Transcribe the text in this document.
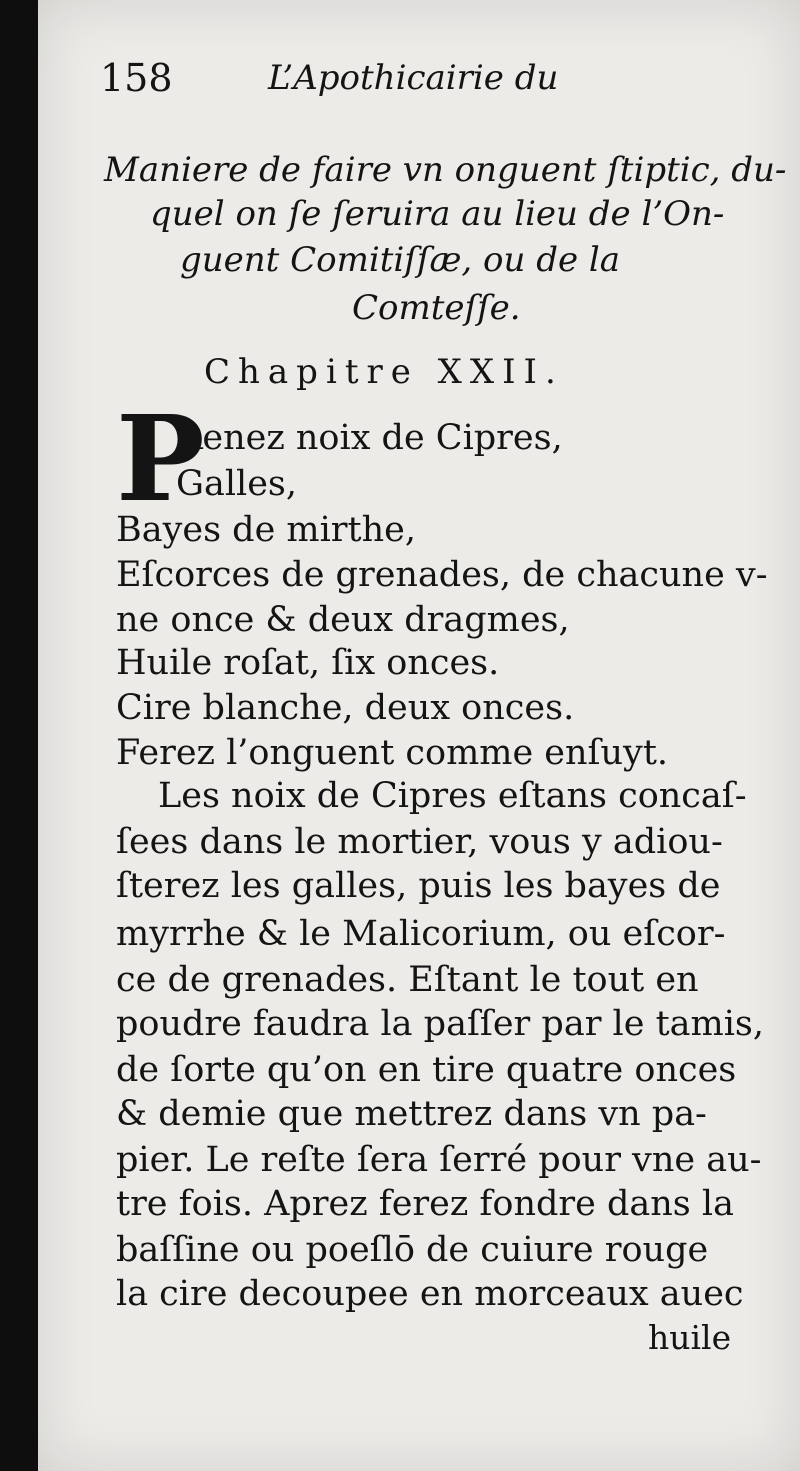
158	L’Apothicairie du
Maniere de faire vn onguent ſtiptic, du-
quel on ſe ſeruira au lieu de l’On-
guent Comitiſſæ, ou de la
Comteſſe.
Chapitre XXII.
P
Renez noix de Cipres,
Galles,
Bayes de mirthe,
Eſcorces de grenades, de chacune v-
ne once & deux dragmes,
Huile roſat, ſix onces.
Cire blanche, deux onces.
Ferez l’onguent comme enſuyt.
Les noix de Cipres eſtans concaſ-
ſees dans le mortier, vous y adiou-
ſterez les galles, puis les bayes de
myrrhe & le Malicorium, ou eſcor-
ce de grenades. Eſtant le tout en
poudre faudra la paſſer par le tamis,
de ſorte qu’on en tire quatre onces
& demie que mettrez dans vn pa-
pier. Le reſte ſera ſerré pour vne au-
tre fois. Aprez ferez fondre dans la
baſſine ou poeſlō de cuiure rouge
la cire decoupee en morceaux auec
huile
